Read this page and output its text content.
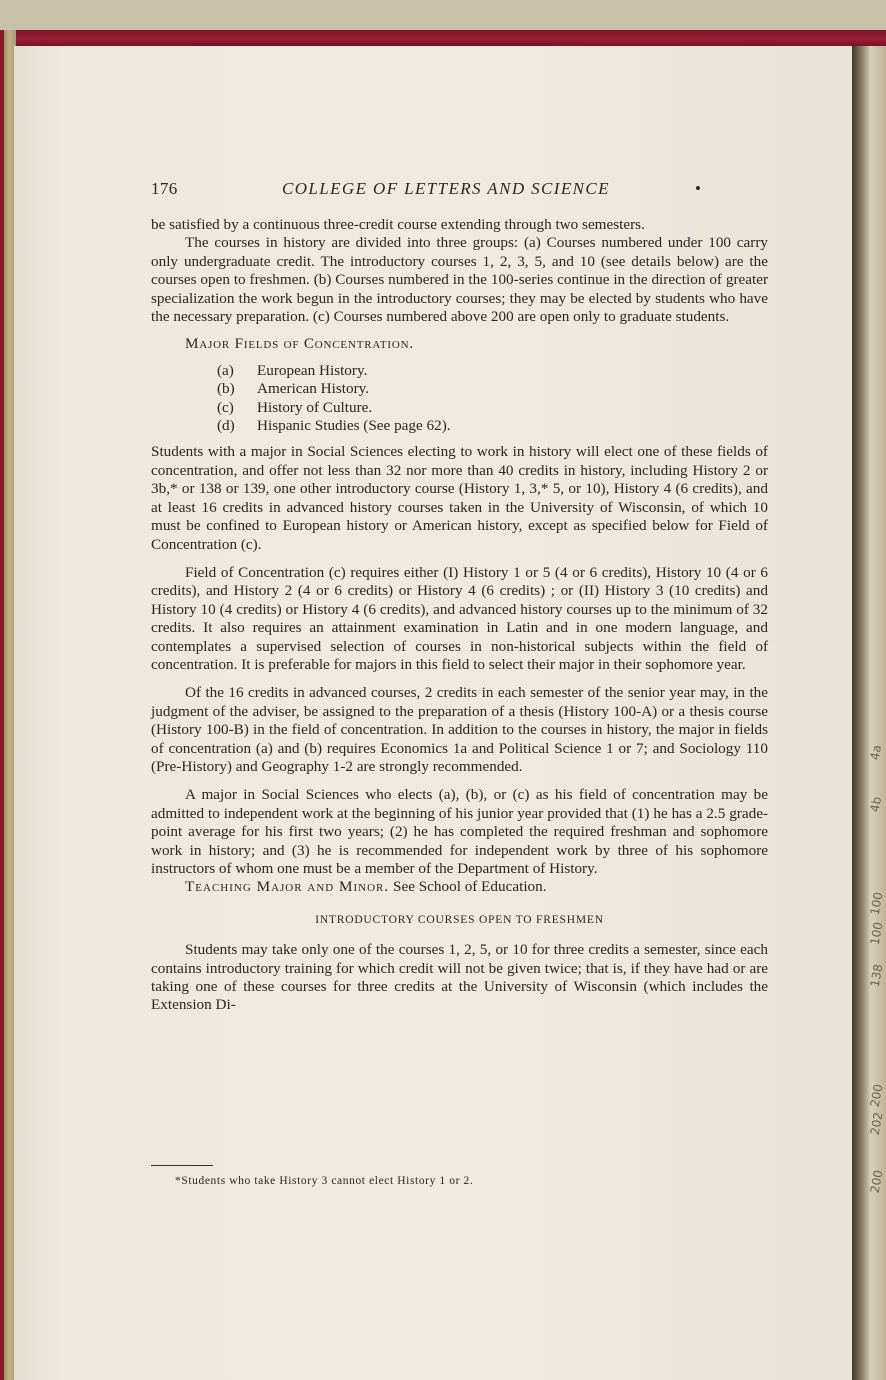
4a
4b
100
100
138
200
202
200
176	COLLEGE OF LETTERS AND SCIENCE	•

be satisfied by a continuous three-credit course extending through two semesters.

The courses in history are divided into three groups: (a) Courses numbered under 100 carry only undergraduate credit. The introductory courses 1, 2, 3, 5, and 10 (see details below) are the courses open to freshmen. (b) Courses numbered in the 100-series continue in the direction of greater specialization the work begun in the introductory courses; they may be elected by students who have the necessary preparation. (c) Courses numbered above 200 are open only to graduate students.

Major Fields of Concentration.

(a)	European History.
(b)	American History.
(c)	History of Culture.
(d)	Hispanic Studies (See page 62).

Students with a major in Social Sciences electing to work in history will elect one of these fields of concentration, and offer not less than 32 nor more than 40 credits in history, including History 2 or 3b,* or 138 or 139, one other introductory course (History 1, 3,* 5, or 10), History 4 (6 credits), and at least 16 credits in advanced history courses taken in the University of Wisconsin, of which 10 must be confined to European history or American history, except as specified below for Field of Concentration (c).

Field of Concentration (c) requires either (I) History 1 or 5 (4 or 6 credits), History 10 (4 or 6 credits), and History 2 (4 or 6 credits) or History 4 (6 credits) ; or (II) History 3 (10 credits) and History 10 (4 credits) or History 4 (6 credits), and advanced history courses up to the minimum of 32 credits. It also requires an attainment examination in Latin and in one modern language, and contemplates a supervised selection of courses in non-historical subjects within the field of concentration. It is preferable for majors in this field to select their major in their sophomore year.

Of the 16 credits in advanced courses, 2 credits in each semester of the senior year may, in the judgment of the adviser, be assigned to the preparation of a thesis (History 100-A) or a thesis course (History 100-B) in the field of concentration. In addition to the courses in history, the major in fields of concentration (a) and (b) requires Economics 1a and Political Science 1 or 7; and Sociology 110 (Pre-History) and Geography 1-2 are strongly recommended.

A major in Social Sciences who elects (a), (b), or (c) as his field of concentration may be admitted to independent work at the beginning of his junior year provided that (1) he has a 2.5 grade-point average for his first two years; (2) he has completed the required freshman and sophomore work in history; and (3) he is recommended for independent work by three of his sophomore instructors of whom one must be a member of the Department of History.

Teaching Major and Minor. See School of Education.

INTRODUCTORY COURSES OPEN TO FRESHMEN

Students may take only one of the courses 1, 2, 5, or 10 for three credits a semester, since each contains introductory training for which credit will not be given twice; that is, if they have had or are taking one of these courses for three credits at the University of Wisconsin (which includes the Extension Di-

*Students who take History 3 cannot elect History 1 or 2.
